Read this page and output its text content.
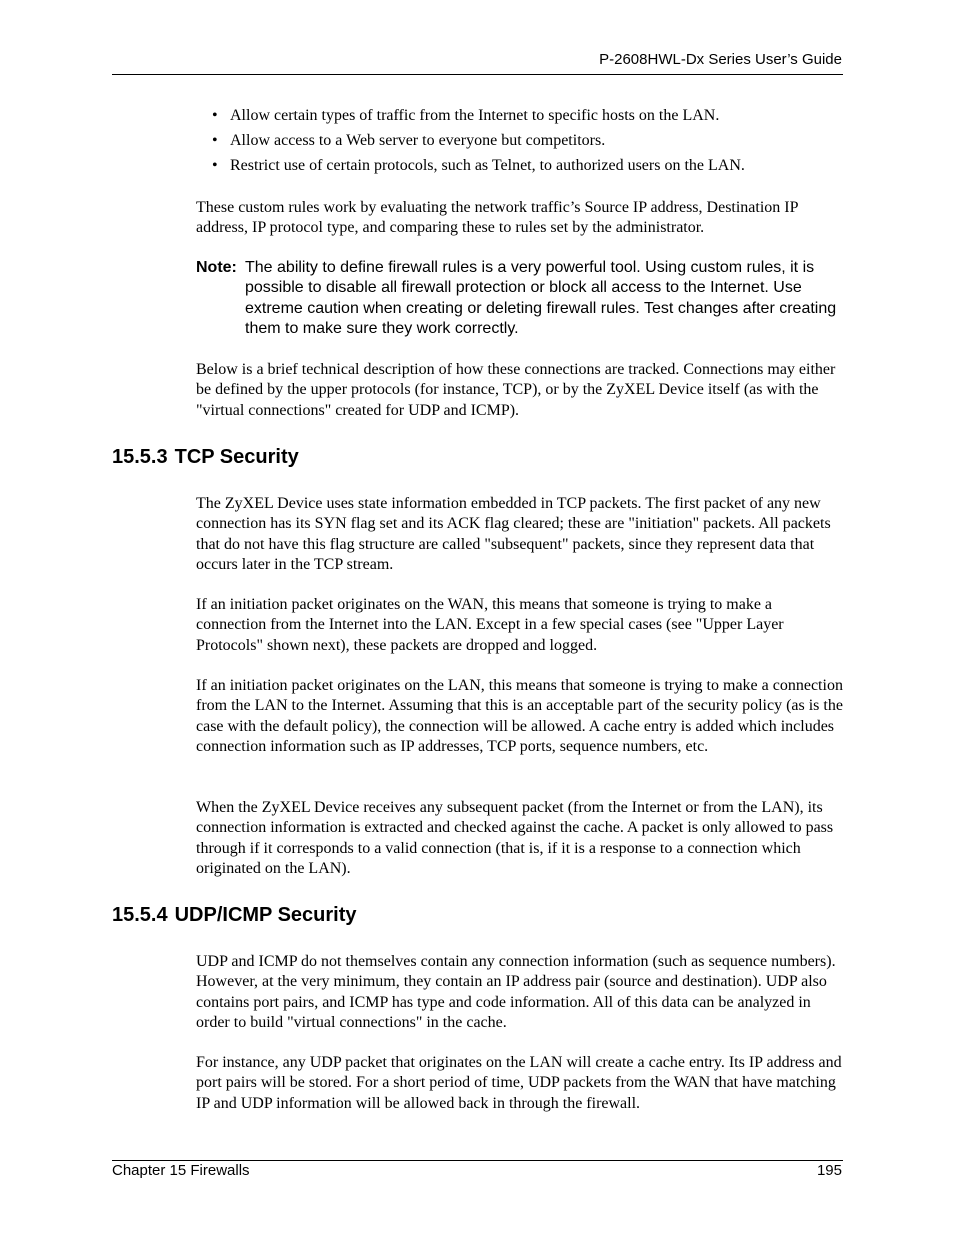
P-2608HWL-Dx Series User’s Guide
• Allow certain types of traffic from the Internet to specific hosts on the LAN.
• Allow access to a Web server to everyone but competitors.
• Restrict use of certain protocols, such as Telnet, to authorized users on the LAN.

These custom rules work by evaluating the network traffic’s Source IP address, Destination IP address, IP protocol type, and comparing these to rules set by the administrator.

Note: The ability to define firewall rules is a very powerful tool. Using custom rules, it is possible to disable all firewall protection or block all access to the Internet. Use extreme caution when creating or deleting firewall rules. Test changes after creating them to make sure they work correctly.

Below is a brief technical description of how these connections are tracked. Connections may either be defined by the upper protocols (for instance, TCP), or by the ZyXEL Device itself (as with the "virtual connections" created for UDP and ICMP).

15.5.3 TCP Security

The ZyXEL Device uses state information embedded in TCP packets. The first packet of any new connection has its SYN flag set and its ACK flag cleared; these are "initiation" packets. All packets that do not have this flag structure are called "subsequent" packets, since they represent data that occurs later in the TCP stream.

If an initiation packet originates on the WAN, this means that someone is trying to make a connection from the Internet into the LAN. Except in a few special cases (see "Upper Layer Protocols" shown next), these packets are dropped and logged.

If an initiation packet originates on the LAN, this means that someone is trying to make a connection from the LAN to the Internet. Assuming that this is an acceptable part of the security policy (as is the case with the default policy), the connection will be allowed. A cache entry is added which includes connection information such as IP addresses, TCP ports, sequence numbers, etc.

When the ZyXEL Device receives any subsequent packet (from the Internet or from the LAN), its connection information is extracted and checked against the cache. A packet is only allowed to pass through if it corresponds to a valid connection (that is, if it is a response to a connection which originated on the LAN).

15.5.4 UDP/ICMP Security

UDP and ICMP do not themselves contain any connection information (such as sequence numbers). However, at the very minimum, they contain an IP address pair (source and destination). UDP also contains port pairs, and ICMP has type and code information. All of this data can be analyzed in order to build "virtual connections" in the cache.

For instance, any UDP packet that originates on the LAN will create a cache entry. Its IP address and port pairs will be stored. For a short period of time, UDP packets from the WAN that have matching IP and UDP information will be allowed back in through the firewall.

Chapter 15 Firewalls	195
